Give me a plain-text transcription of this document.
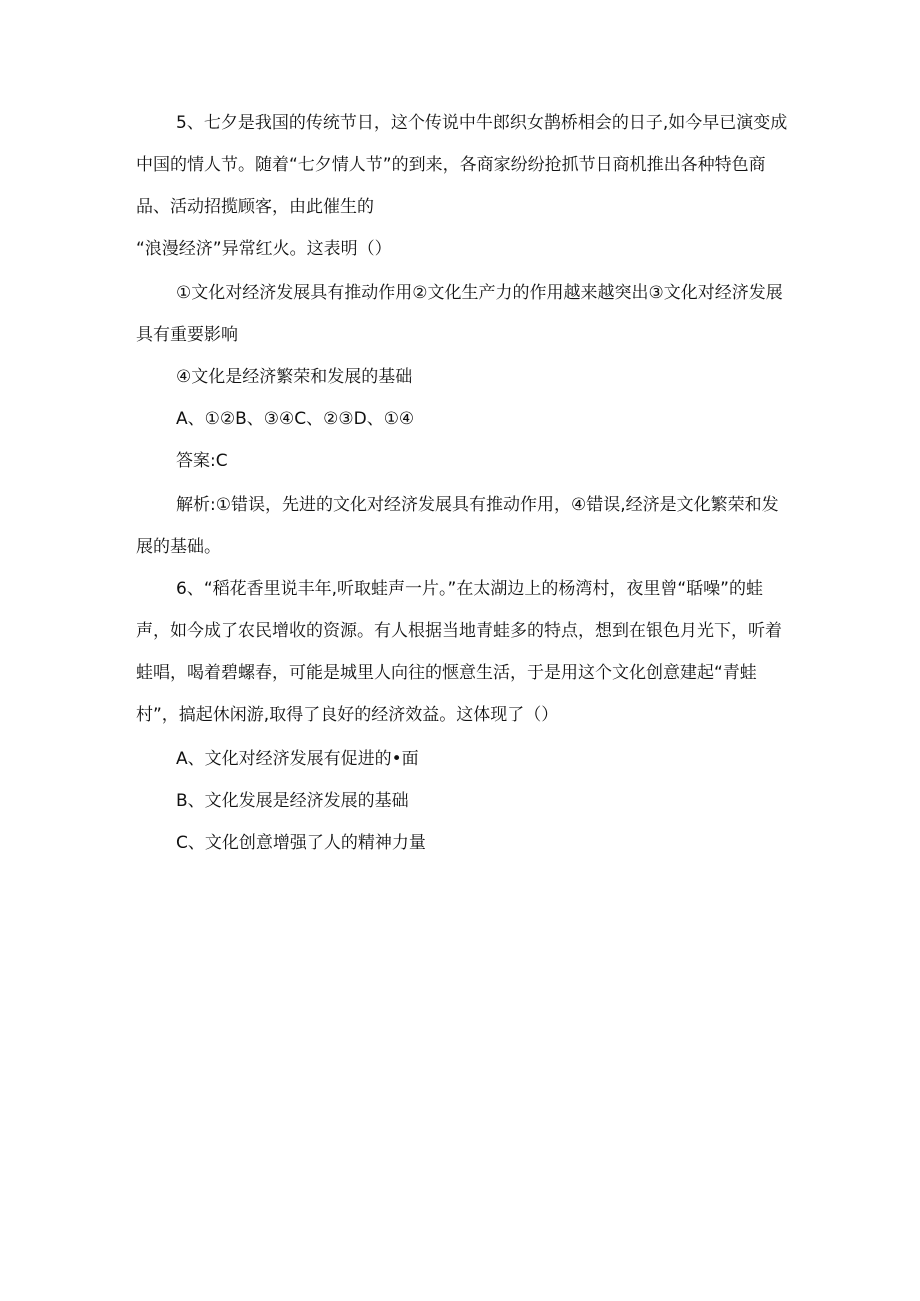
5、七夕是我国的传统节日，这个传说中牛郎织女鹊桥相会的日子,如今早已演变成中国的情人节。随着“七夕情人节”的到来，各商家纷纷抢抓节日商机推出各种特色商品、活动招揽顾客，由此催生的
“浪漫经济”异常红火。这表明（）
①文化对经济发展具有推动作用②文化生产力的作用越来越突出③文化对经济发展具有重要影响
④文化是经济繁荣和发展的基础
A、①②B、③④C、②③D、①④
答案:C
解析:①错误，先进的文化对经济发展具有推动作用，④错误,经济是文化繁荣和发展的基础。
6、“稻花香里说丰年,听取蛙声一片。”在太湖边上的杨湾村，夜里曾“聒噪”的蛙声，如今成了农民增收的资源。有人根据当地青蛙多的特点，想到在银色月光下，听着蛙唱，喝着碧螺春，可能是城里人向往的惬意生活，于是用这个文化创意建起“青蛙村”，搞起休闲游,取得了良好的经济效益。这体现了（）
A、文化对经济发展有促进的•面
B、文化发展是经济发展的基础
C、文化创意增强了人的精神力量
